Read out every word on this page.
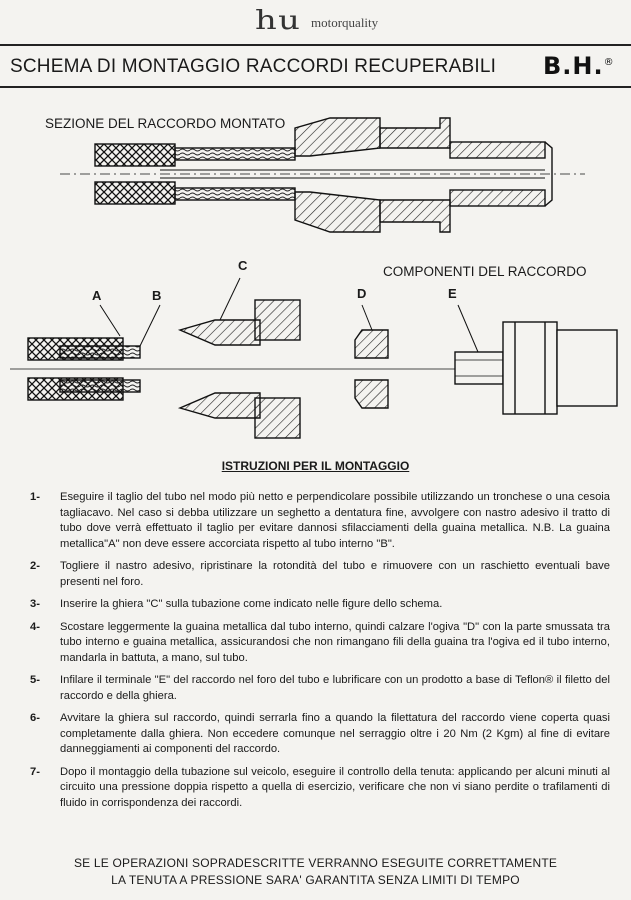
hu motorquality
SCHEMA DI MONTAGGIO RACCORDI RECUPERABILI B.H.®
SEZIONE DEL RACCORDO MONTATO
COMPONENTI DEL RACCORDO
A	B
C
D	E
ISTRUZIONI PER IL MONTAGGIO
1- Eseguire il taglio del tubo nel modo più netto e perpendicolare possibile utilizzando un tronchese o una cesoia tagliacavo. Nel caso si debba utilizzare un seghetto a dentatura fine, avvolgere con nastro adesivo il tratto di tubo dove verrà effettuato il taglio per evitare dannosi sfilacciamenti della guaina metallica. N.B. La guaina metallica"A" non deve essere accorciata rispetto al tubo interno "B".
2- Togliere il nastro adesivo, ripristinare la rotondità del tubo e rimuovere con un raschietto eventuali bave presenti nel foro.
3- Inserire la ghiera "C" sulla tubazione come indicato nelle figure dello schema.
4- Scostare leggermente la guaina metallica dal tubo interno, quindi calzare l'ogiva "D" con la parte smussata tra tubo interno e guaina metallica, assicurandosi che non rimangano fili della guaina tra l'ogiva ed il tubo interno, mandarla in battuta, a mano, sul tubo.
5- Infilare il terminale "E" del raccordo nel foro del tubo e lubrificare con un prodotto a base di Teflon® il filetto del raccordo e della ghiera.
6- Avvitare la ghiera sul raccordo, quindi serrarla fino a quando la filettatura del raccordo viene coperta quasi completamente dalla ghiera. Non eccedere comunque nel serraggio oltre i 20 Nm (2 Kgm) al fine di evitare danneggiamenti ai componenti del raccordo.
7- Dopo il montaggio della tubazione sul veicolo, eseguire il controllo della tenuta: applicando per alcuni minuti al circuito una pressione doppia rispetto a quella di esercizio, verificare che non vi siano perdite o trafilamenti di fluido in corrispondenza dei raccordi.
SE LE OPERAZIONI SOPRADESCRITTE VERRANNO ESEGUITE CORRETTAMENTE
LA TENUTA A PRESSIONE SARA' GARANTITA SENZA LIMITI DI TEMPO
